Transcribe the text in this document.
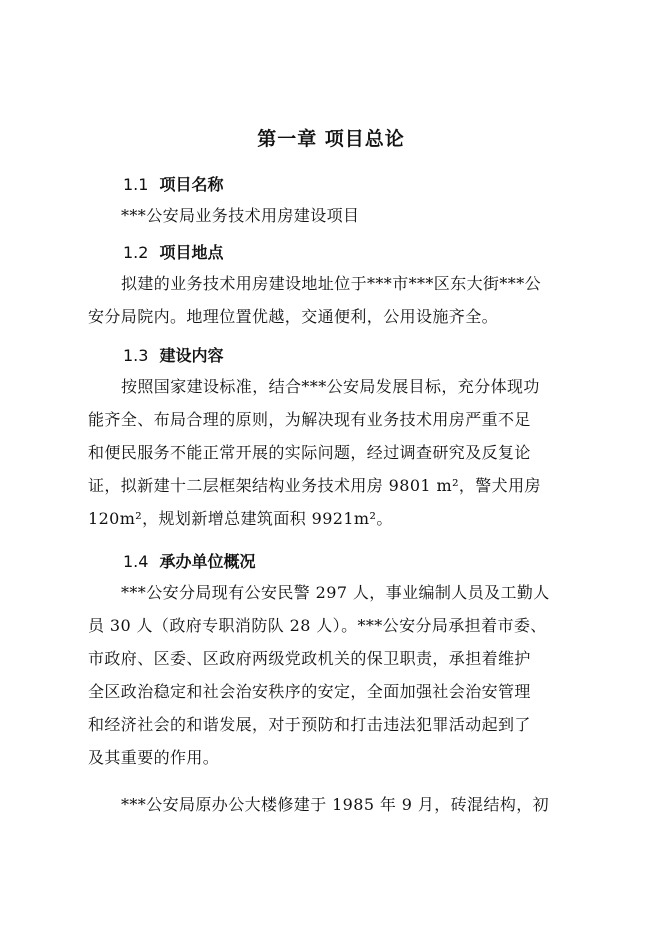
第一章 项目总论
1.1 项目名称
***公安局业务技术用房建设项目
1.2 项目地点
拟建的业务技术用房建设地址位于***市***区东大街***公
安分局院内。地理位置优越，交通便利，公用设施齐全。
1.3 建设内容
按照国家建设标准，结合***公安局发展目标，充分体现功
能齐全、布局合理的原则，为解决现有业务技术用房严重不足
和便民服务不能正常开展的实际问题，经过调查研究及反复论
证，拟新建十二层框架结构业务技术用房 9801 m²，警犬用房
120m²，规划新增总建筑面积 9921m²。
1.4 承办单位概况
***公安分局现有公安民警 297 人，事业编制人员及工勤人
员 30 人（政府专职消防队 28 人）。***公安分局承担着市委、
市政府、区委、区政府两级党政机关的保卫职责，承担着维护
全区政治稳定和社会治安秩序的安定，全面加强社会治安管理
和经济社会的和谐发展，对于预防和打击违法犯罪活动起到了
及其重要的作用。
***公安局原办公大楼修建于 1985 年 9 月，砖混结构，初
